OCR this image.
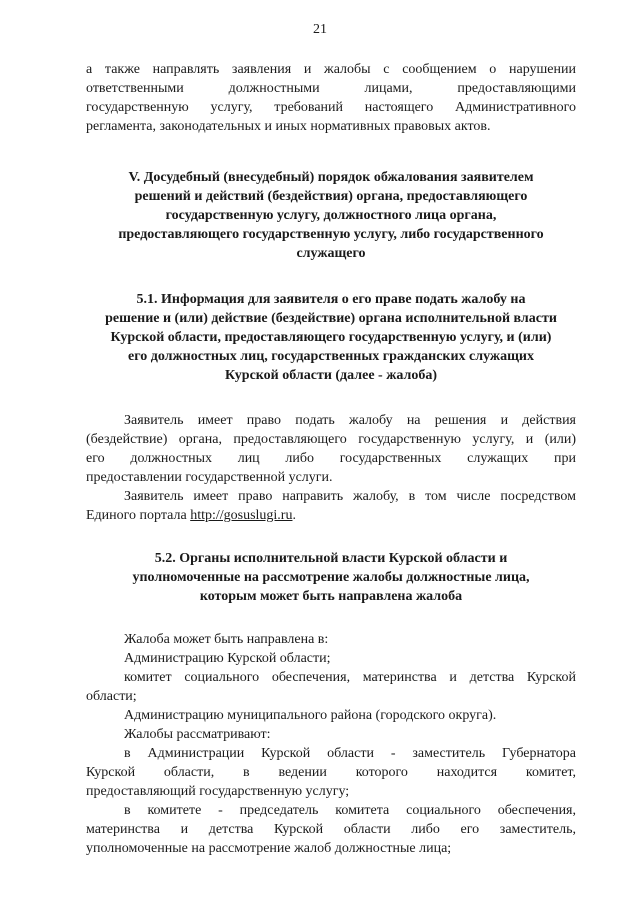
21
а также направлять заявления и жалобы с сообщением о нарушении
ответственными должностными лицами, предоставляющими
государственную услугу, требований настоящего Административного
регламента, законодательных и иных нормативных правовых актов.
V. Досудебный (внесудебный) порядок обжалования заявителем
решений и действий (бездействия) органа, предоставляющего
государственную услугу, должностного лица органа,
предоставляющего государственную услугу, либо государственного
служащего
5.1. Информация для заявителя о его праве подать жалобу на
решение и (или) действие (бездействие) органа исполнительной власти
Курской области, предоставляющего государственную услугу, и (или)
его должностных лиц, государственных гражданских служащих
Курской области (далее - жалоба)
Заявитель имеет право подать жалобу на решения и действия
(бездействие) органа, предоставляющего государственную услугу, и (или)
его должностных лиц либо государственных служащих при
предоставлении государственной услуги.
Заявитель имеет право направить жалобу, в том числе посредством
Единого портала http://gosuslugi.ru.
5.2. Органы исполнительной власти Курской области и
уполномоченные на рассмотрение жалобы должностные лица,
которым может быть направлена жалоба
Жалоба может быть направлена в:
Администрацию Курской области;
комитет социального обеспечения, материнства и детства Курской
области;
Администрацию муниципального района (городского округа).
Жалобы рассматривают:
в Администрации Курской области - заместитель Губернатора
Курской области, в ведении которого находится комитет,
предоставляющий государственную услугу;
в комитете - председатель комитета социального обеспечения,
материнства и детства Курской области либо его заместитель,
уполномоченные на рассмотрение жалоб должностные лица;
